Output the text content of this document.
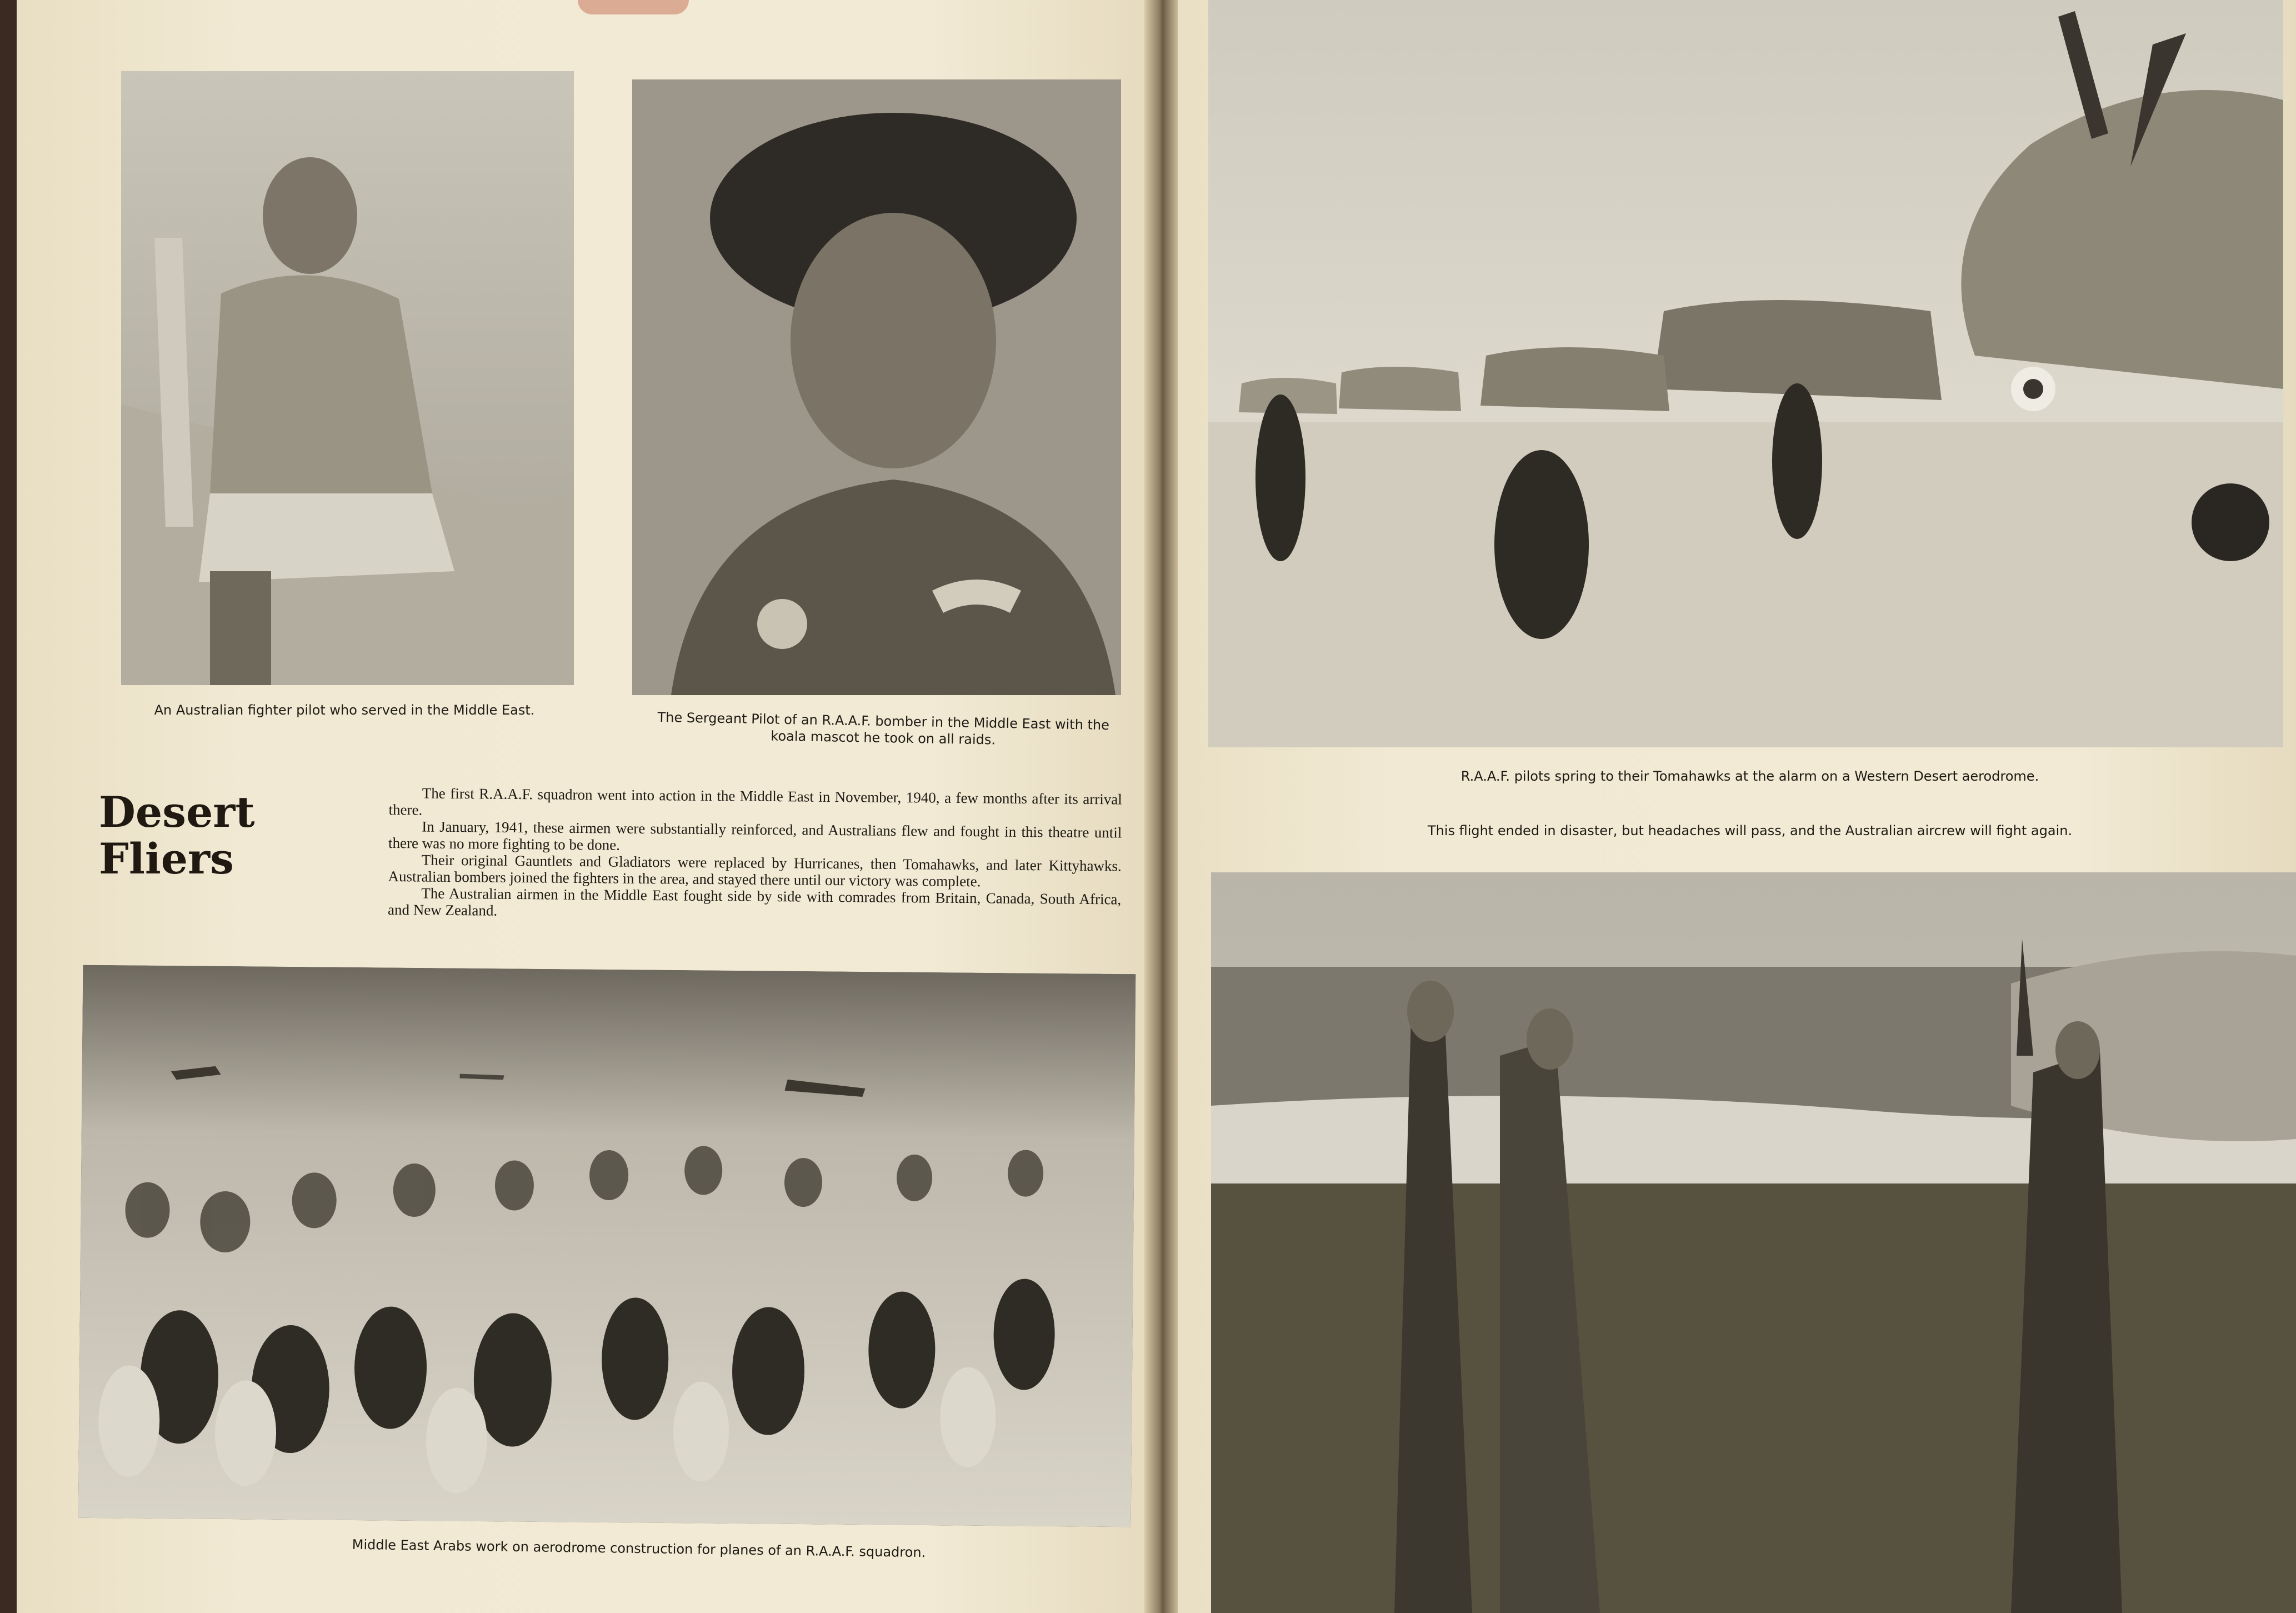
An Australian fighter pilot who served in the Middle East.	The Sergeant Pilot of an R.A.A.F. bomber in the Middle East with the koala mascot he took on all raids.

Desert
Fliers

The first R.A.A.F. squadron went into action in the Middle East in November, 1940, a few months after its arrival there.

In January, 1941, these airmen were substantially reinforced, and Australians flew and fought in this theatre until there was no more fighting to be done.

Their original Gauntlets and Gladiators were replaced by Hurricanes, then Tomahawks, and later Kittyhawks. Australian bombers joined the fighters in the area, and stayed there until our victory was complete.

The Australian airmen in the Middle East fought side by side with comrades from Britain, Canada, South Africa, and New Zealand.

Middle East Arabs work on aerodrome construction for planes of an R.A.A.F. squadron.

R.A.A.F. pilots spring to their Tomahawks at the alarm on a Western Desert aerodrome.

This flight ended in disaster, but headaches will pass, and the Australian aircrew will fight again.
